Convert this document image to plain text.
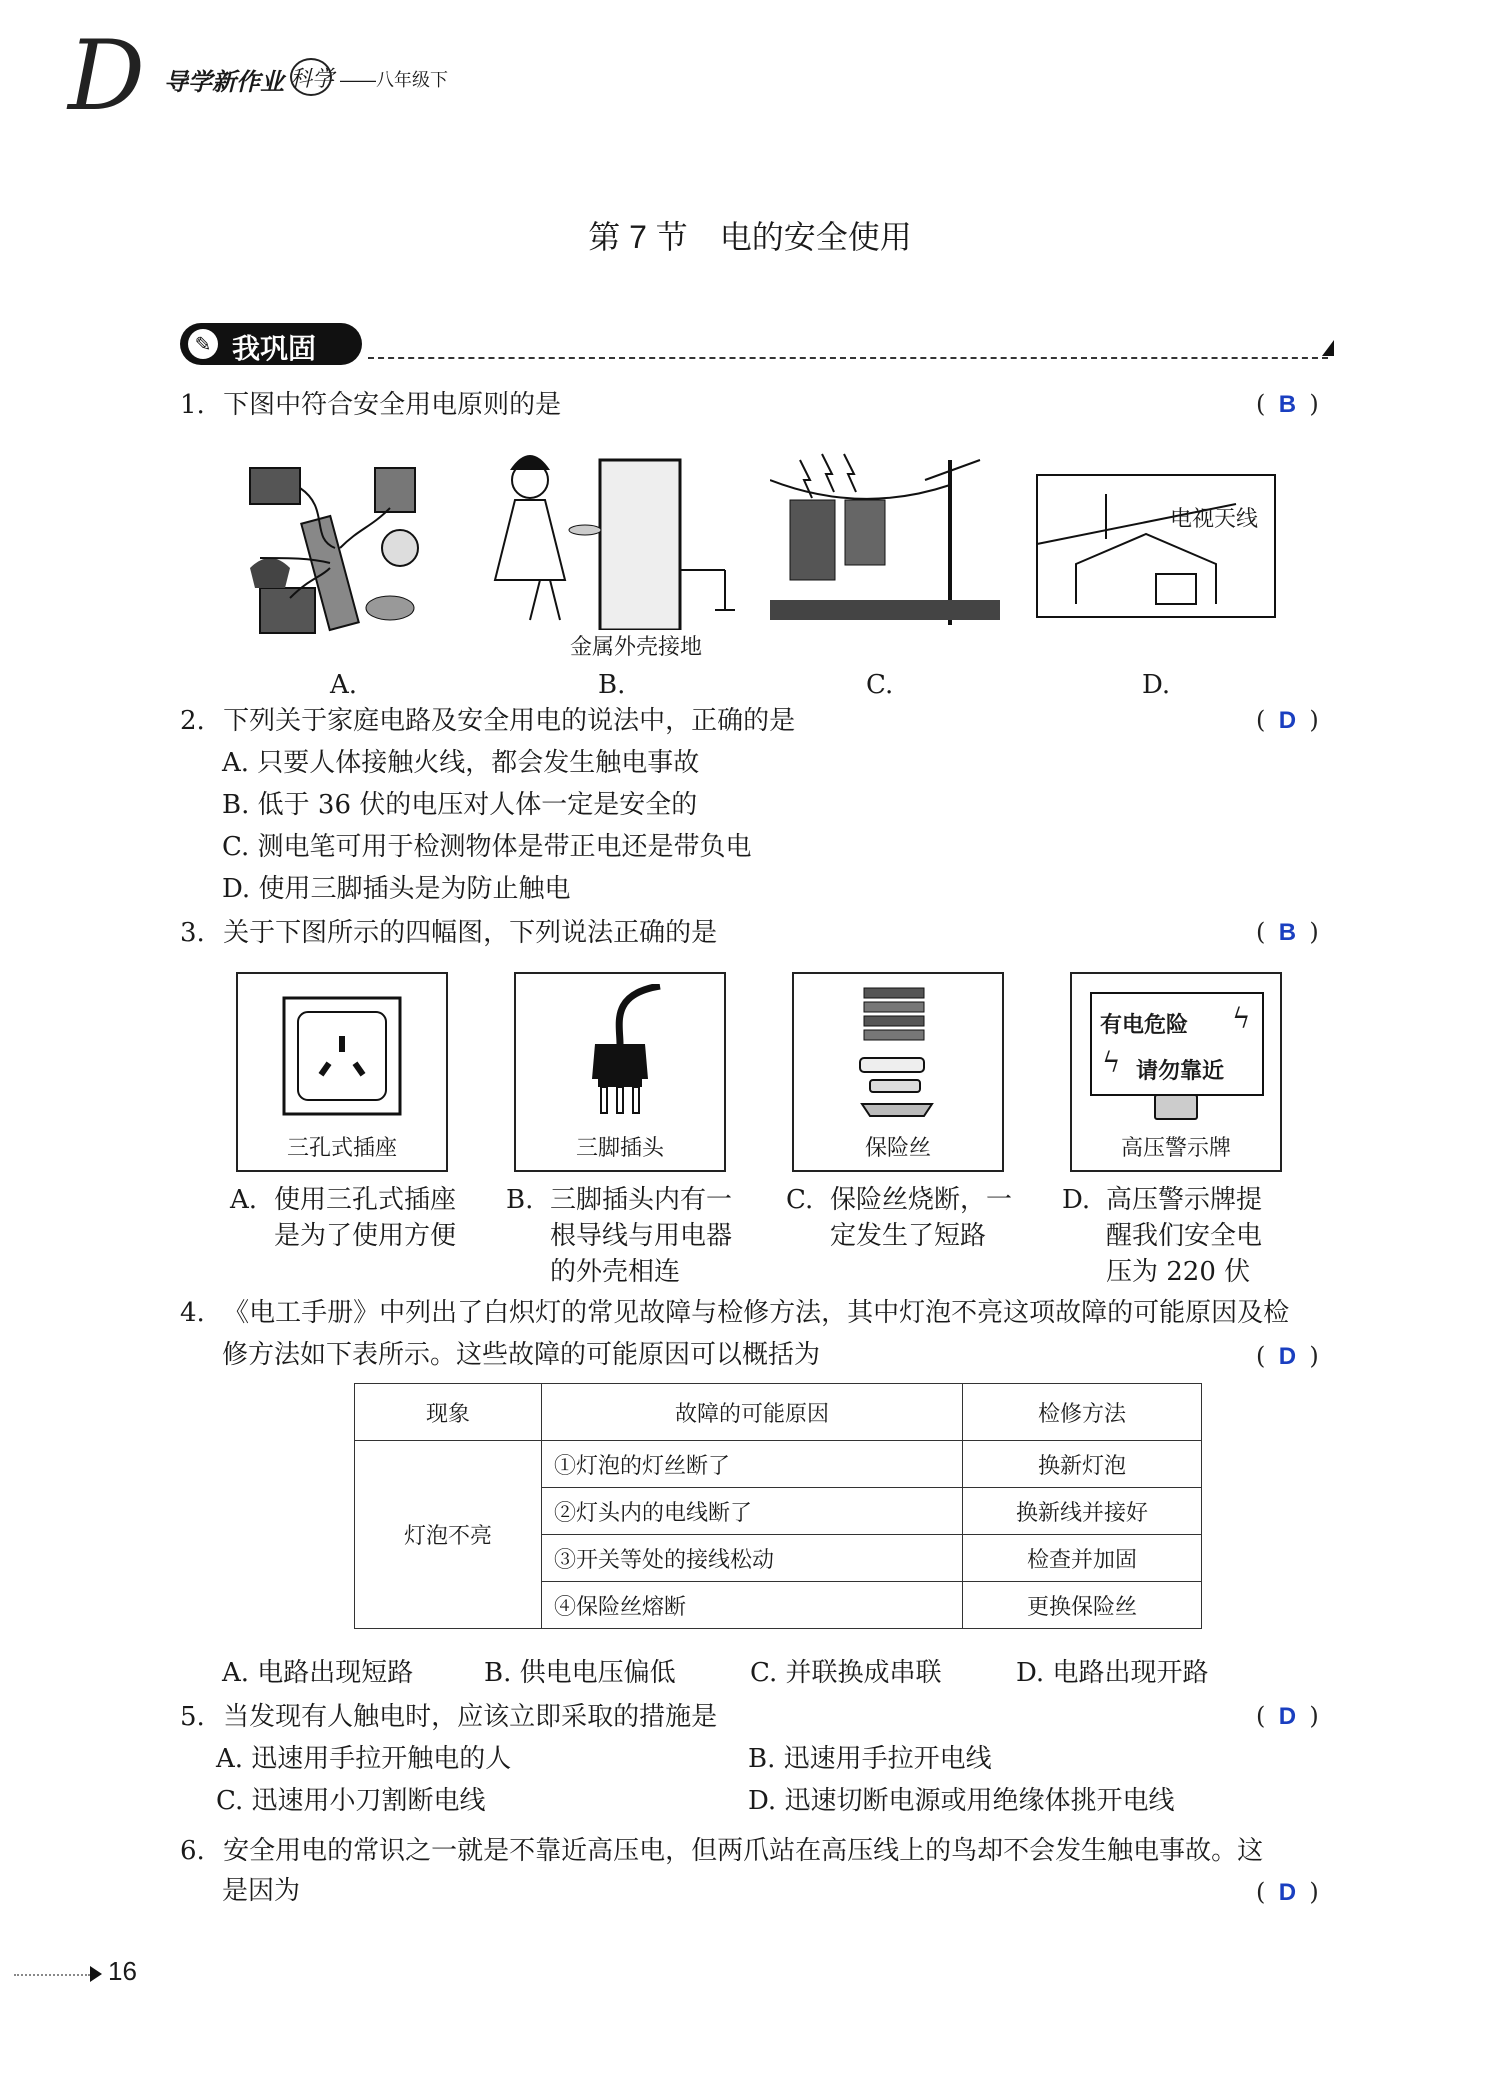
D 导学新作业 科学 ——八年级下
第 7 节　电的安全使用
✎ 我巩固
1. 下图中符合安全用电原则的是	( B )
金属外壳接地
电视天线
A.	B.	C.	D.
2. 下列关于家庭电路及安全用电的说法中，正确的是	( D )
A. 只要人体接触火线，都会发生触电事故
B. 低于 36 伏的电压对人体一定是安全的
C. 测电笔可用于检测物体是带正电还是带负电
D. 使用三脚插头是为防止触电
3. 关于下图所示的四幅图，下列说法正确的是	( B )
三孔式插座	三脚插头	保险丝
有电危险 ϟ
ϟ 请勿靠近
高压警示牌
A. 使用三孔式插座
是为了使用方便
B. 三脚插头内有一
根导线与用电器
的外壳相连
C. 保险丝烧断，一
定发生了短路
D. 高压警示牌提
醒我们安全电
压为 220 伏
4. 《电工手册》中列出了白炽灯的常见故障与检修方法，其中灯泡不亮这项故障的可能原因及检
修方法如下表所示。这些故障的可能原因可以概括为	( D )
现象	故障的可能原因	检修方法
灯泡不亮	①灯泡的灯丝断了	换新灯泡
	②灯头内的电线断了	换新线并接好
	③开关等处的接线松动	检查并加固
	④保险丝熔断	更换保险丝
A. 电路出现短路	B. 供电电压偏低	C. 并联换成串联	D. 电路出现开路
5. 当发现有人触电时，应该立即采取的措施是	( D )
A. 迅速用手拉开触电的人	B. 迅速用手拉开电线
C. 迅速用小刀割断电线	D. 迅速切断电源或用绝缘体挑开电线
6. 安全用电的常识之一就是不靠近高压电，但两爪站在高压线上的鸟却不会发生触电事故。这
是因为	( D )
16
